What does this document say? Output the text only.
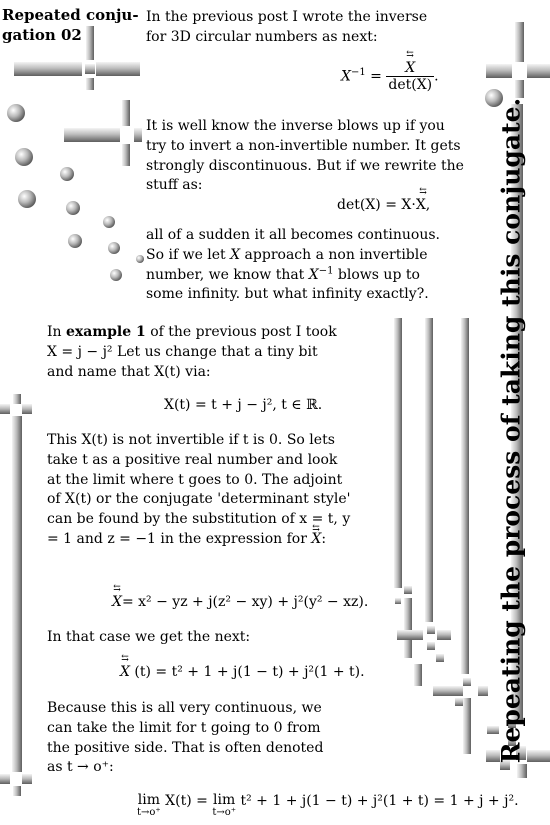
Repeated conju-gation 02
In the previous post I wrote the inverse for 3D circular numbers as next:
$X^{-1}$ = ⇆ $\frac{X}{\det(X)}$ .
It is well know the inverse blows up if you try to invert a non-invertible number. It gets strongly discontinuous. But if we rewrite the stuff as:
det(X) = X·⇆ X,
all of a sudden it all becomes continuous. So if we let X approach a non invertible number, we know that $X^{-1}$ blows up to some infinity. but what infinity exactly?.
In example 1 of the previous post I took X = j − j² Let us change that a tiny bit and name that X(t) via:
X(t) = t + j − j², t ∈ ℝ.
This X(t) is not invertible if t is 0. So lets take t as a positive real number and look at the limit where t goes to 0. The adjoint of X(t) or the conjugate 'determinant style' can be found by the substitution of x = t, y = 1 and z = −1 in the expression for ⇆ X:
⇆ X= x² − yz + j(z² − xy) + j²(y² − xz).
In that case we get the next:
⇆ X (t) = t² + 1 + j(1 − t) + j²(1 + t).
Because this is all very continuous, we can take the limit for t going to 0 from the positive side. That is often denoted as t → o⁺:
lim
t→o⁺
X(t) = lim
t→o⁺
t² + 1 + j(1 − t) + j²(1 + t) = 1 + j + j².
Repeating the process of taking this conjugate.
